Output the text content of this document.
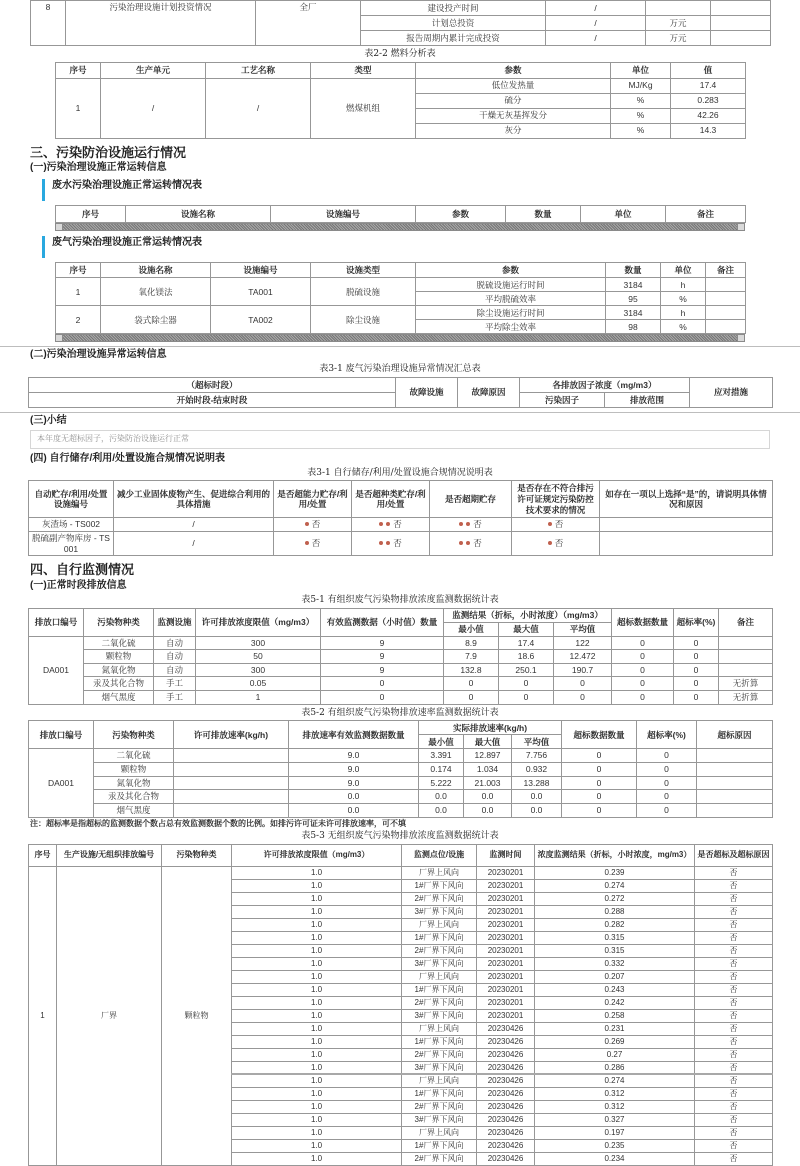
8	污染治理设施计划投资情况	全厂	建设投产时间	/		
			计划总投资	/	万元	
			报告周期内累计完成投资	/	万元	
表2-2 燃料分析表
序号	生产单元	工艺名称	类型	参数	单位	值
1	/	/	燃煤机组	低位发热量	MJ/Kg	17.4
				硫分	%	0.283
				干燥无灰基挥发分	%	42.26
				灰分	%	14.3
三、污染防治设施运行情况
(一)污染治理设施正常运转信息
废水污染治理设施正常运转情况表
序号	设施名称	设施编号	参数	数量	单位	备注
废气污染治理设施正常运转情况表
序号	设施名称	设施编号	设施类型	参数	数量	单位	备注
1	氧化镁法	TA001	脱硫设施	脱硫设施运行时间	3184	h	
				平均脱硫效率	95	%	
2	袋式除尘器	TA002	除尘设施	除尘设施运行时间	3184	h	
				平均除尘效率	98	%	
(二)污染治理设施异常运转信息
表3-1 废气污染治理设施异常情况汇总表
（超标时段）	故障设施	故障原因	各排放因子浓度（mg/m3）		应对措施
开始时段-结束时段			污染因子	排放范围	
(三)小结
本年度无超标因子，污染防治设施运行正常
(四) 自行储存/利用/处置设施合规情况说明表
表3-1 自行储存/利用/处置设施合规情况说明表
自动贮存/利用/处置设施编号	减少工业固体废物产生、促进综合利用的具体措施	是否超能力贮存/利用/处置	是否超种类贮存/利用/处置	是否超期贮存	是否存在不符合排污许可证规定污染防控技术要求的情况	如存在一项以上选择“是”的，请说明具体情况和原因
灰渣场 - TS002	/	否	否	否	否	
脱硫副产物库房 - TS001	/	否	否	否	否	
四、自行监测情况
(一)正常时段排放信息
表5-1 有组织废气污染物排放浓度监测数据统计表
排放口编号	污染物种类	监测设施	许可排放浓度限值（mg/m3）	有效监测数据（小时值）数量	监测结果（折标，小时浓度）（mg/m3）			超标数据数量	超标率(%)	备注
					最小值	最大值	平均值			
DA001	二氧化硫	自动	300	9	8.9	17.4	122	0	0	
	颗粒物	自动	50	9	7.9	18.6	12.472	0	0	
	氮氧化物	自动	300	9	132.8	250.1	190.7	0	0	
	汞及其化合物	手工	0.05	0	0	0	0	0	0	无折算
	烟气黑度	手工	1	0	0	0	0	0	0	无折算
表5-2 有组织废气污染物排放速率监测数据统计表
排放口编号	污染物种类	许可排放速率(kg/h)	排放速率有效监测数据数量	实际排放速率(kg/h)			超标数据数量	超标率(%)	超标原因
				最小值	最大值	平均值			
DA001	二氧化硫		9.0	3.391	12.897	7.756	0	0	
	颗粒物		9.0	0.174	1.034	0.932	0	0	
	氮氧化物		9.0	5.222	21.003	13.288	0	0	
	汞及其化合物		0.0	0.0	0.0	0.0	0	0	
	烟气黑度		0.0	0.0	0.0	0.0	0	0	
注：超标率是指超标的监测数据个数占总有效监测数据个数的比例。如排污许可证未许可排放速率，可不填
表5-3 无组织废气污染物排放浓度监测数据统计表
序号	生产设施/无组织排放编号	污染物种类	许可排放浓度限值（mg/m3）	监测点位/设施	监测时间	浓度监测结果（折标，小时浓度，mg/m3）	是否超标及超标原因
1	厂界	颗粒物	1.0	厂界上风向	20230201	0.239	否
			1.0	1#厂界下风向	20230201	0.274	否
			1.0	2#厂界下风向	20230201	0.272	否
			1.0	3#厂界下风向	20230201	0.288	否
			1.0	厂界上风向	20230201	0.282	否
			1.0	1#厂界下风向	20230201	0.315	否
			1.0	2#厂界下风向	20230201	0.315	否
			1.0	3#厂界下风向	20230201	0.332	否
			1.0	厂界上风向	20230201	0.207	否
			1.0	1#厂界下风向	20230201	0.243	否
			1.0	2#厂界下风向	20230201	0.242	否
			1.0	3#厂界下风向	20230201	0.258	否
			1.0	厂界上风向	20230426	0.231	否
			1.0	1#厂界下风向	20230426	0.269	否
			1.0	2#厂界下风向	20230426	0.27	否
			1.0	3#厂界下风向	20230426	0.286	否
			1.0	厂界上风向	20230426	0.274	否
			1.0	1#厂界下风向	20230426	0.312	否
			1.0	2#厂界下风向	20230426	0.312	否
			1.0	3#厂界下风向	20230426	0.327	否
			1.0	厂界上风向	20230426	0.197	否
			1.0	1#厂界下风向	20230426	0.235	否
			1.0	2#厂界下风向	20230426	0.234	否
